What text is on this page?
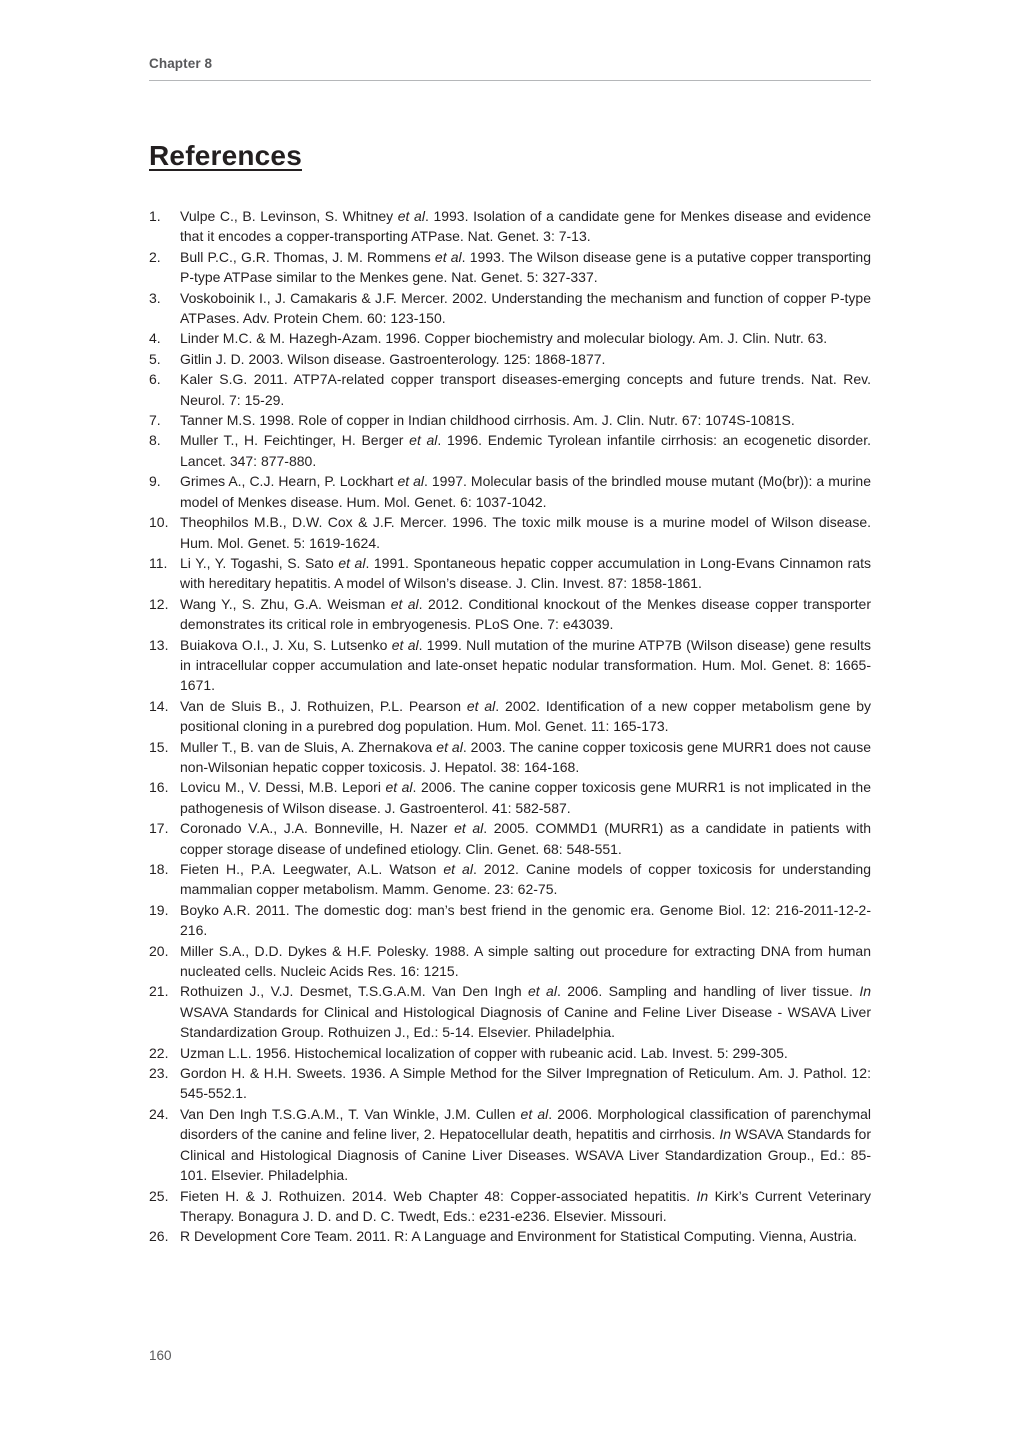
Chapter 8
References
1.	Vulpe C., B. Levinson, S. Whitney et al. 1993. Isolation of a candidate gene for Menkes disease and evidence that it encodes a copper-transporting ATPase. Nat. Genet. 3: 7-13.
2.	Bull P.C., G.R. Thomas, J. M. Rommens et al. 1993. The Wilson disease gene is a putative copper transporting P-type ATPase similar to the Menkes gene. Nat. Genet. 5: 327-337.
3.	Voskoboinik I., J. Camakaris & J.F. Mercer. 2002. Understanding the mechanism and function of copper P-type ATPases. Adv. Protein Chem. 60: 123-150.
4.	Linder M.C. & M. Hazegh-Azam. 1996. Copper biochemistry and molecular biology. Am. J. Clin. Nutr. 63.
5.	Gitlin J. D. 2003. Wilson disease. Gastroenterology. 125: 1868-1877.
6.	Kaler S.G. 2011. ATP7A-related copper transport diseases-emerging concepts and future trends. Nat. Rev. Neurol. 7: 15-29.
7.	Tanner M.S. 1998. Role of copper in Indian childhood cirrhosis. Am. J. Clin. Nutr. 67: 1074S-1081S.
8.	Muller T., H. Feichtinger, H. Berger et al. 1996. Endemic Tyrolean infantile cirrhosis: an ecogenetic disorder. Lancet. 347: 877-880.
9.	Grimes A., C.J. Hearn, P. Lockhart et al. 1997. Molecular basis of the brindled mouse mutant (Mo(br)): a murine model of Menkes disease. Hum. Mol. Genet. 6: 1037-1042.
10. Theophilos M.B., D.W. Cox & J.F. Mercer. 1996. The toxic milk mouse is a murine model of Wilson disease. Hum. Mol. Genet. 5: 1619-1624.
11. Li Y., Y. Togashi, S. Sato et al. 1991. Spontaneous hepatic copper accumulation in Long-Evans Cinnamon rats with hereditary hepatitis. A model of Wilson’s disease. J. Clin. Invest. 87: 1858-1861.
12. Wang Y., S. Zhu, G.A. Weisman et al. 2012. Conditional knockout of the Menkes disease copper transporter demonstrates its critical role in embryogenesis. PLoS One. 7: e43039.
13. Buiakova O.I., J. Xu, S. Lutsenko et al. 1999. Null mutation of the murine ATP7B (Wilson disease) gene results in intracellular copper accumulation and late-onset hepatic nodular transformation. Hum. Mol. Genet. 8: 1665-1671.
14. Van de Sluis B., J. Rothuizen, P.L. Pearson et al. 2002. Identification of a new copper metabolism gene by positional cloning in a purebred dog population. Hum. Mol. Genet. 11: 165-173.
15. Muller T., B. van de Sluis, A. Zhernakova et al. 2003. The canine copper toxicosis gene MURR1 does not cause non-Wilsonian hepatic copper toxicosis. J. Hepatol. 38: 164-168.
16. Lovicu M., V. Dessi, M.B. Lepori et al. 2006. The canine copper toxicosis gene MURR1 is not implicated in the pathogenesis of Wilson disease. J. Gastroenterol. 41: 582-587.
17. Coronado V.A., J.A. Bonneville, H. Nazer et al. 2005. COMMD1 (MURR1) as a candidate in patients with copper storage disease of undefined etiology. Clin. Genet. 68: 548-551.
18. Fieten H., P.A. Leegwater, A.L. Watson et al. 2012. Canine models of copper toxicosis for understanding mammalian copper metabolism. Mamm. Genome. 23: 62-75.
19. Boyko A.R. 2011. The domestic dog: man’s best friend in the genomic era. Genome Biol. 12: 216-2011-12-2-216.
20. Miller S.A., D.D. Dykes & H.F. Polesky. 1988. A simple salting out procedure for extracting DNA from human nucleated cells. Nucleic Acids Res. 16: 1215.
21. Rothuizen J., V.J. Desmet, T.S.G.A.M. Van Den Ingh et al. 2006. Sampling and handling of liver tissue. In WSAVA Standards for Clinical and Histological Diagnosis of Canine and Feline Liver Disease - WSAVA Liver Standardization Group. Rothuizen J., Ed.: 5-14. Elsevier. Philadelphia.
22. Uzman L.L. 1956. Histochemical localization of copper with rubeanic acid. Lab. Invest. 5: 299-305.
23. Gordon H. & H.H. Sweets. 1936. A Simple Method for the Silver Impregnation of Reticulum. Am. J. Pathol. 12: 545-552.1.
24. Van Den Ingh T.S.G.A.M., T. Van Winkle, J.M. Cullen et al. 2006. Morphological classification of parenchymal disorders of the canine and feline liver, 2. Hepatocellular death, hepatitis and cirrhosis. In WSAVA Standards for Clinical and Histological Diagnosis of Canine Liver Diseases. WSAVA Liver Standardization Group., Ed.: 85-101. Elsevier. Philadelphia.
25. Fieten H. & J. Rothuizen. 2014. Web Chapter 48: Copper-associated hepatitis. In Kirk’s Current Veterinary Therapy. Bonagura J. D. and D. C. Twedt, Eds.: e231-e236. Elsevier. Missouri.
26. R Development Core Team. 2011. R: A Language and Environment for Statistical Computing. Vienna, Austria.
160
